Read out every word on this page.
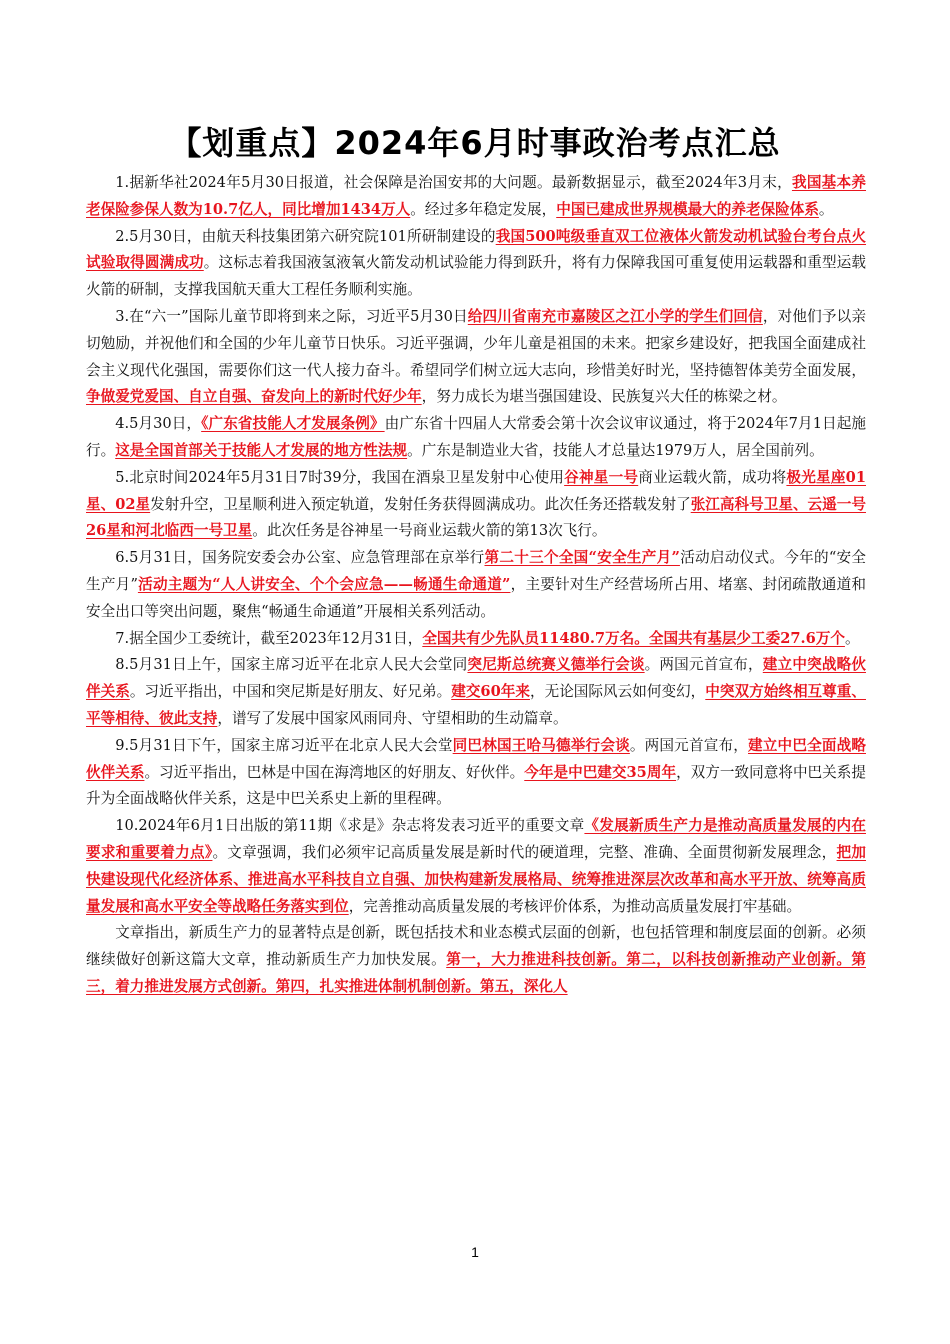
【划重点】2024年6月时事政治考点汇总

1.据新华社2024年5月30日报道，社会保障是治国安邦的大问题。最新数据显示，截至2024年3月末，我国基本养老保险参保人数为10.7亿人，同比增加1434万人。经过多年稳定发展，中国已建成世界规模最大的养老保险体系。

2.5月30日，由航天科技集团第六研究院101所研制建设的我国500吨级垂直双工位液体火箭发动机试验台考台点火试验取得圆满成功。这标志着我国液氢液氧火箭发动机试验能力得到跃升，将有力保障我国可重复使用运载器和重型运载火箭的研制，支撑我国航天重大工程任务顺利实施。

3.在“六一”国际儿童节即将到来之际，习近平5月30日给四川省南充市嘉陵区之江小学的学生们回信，对他们予以亲切勉励，并祝他们和全国的少年儿童节日快乐。习近平强调，少年儿童是祖国的未来。把家乡建设好，把我国全面建成社会主义现代化强国，需要你们这一代人接力奋斗。希望同学们树立远大志向，珍惜美好时光，坚持德智体美劳全面发展，争做爱党爱国、自立自强、奋发向上的新时代好少年，努力成长为堪当强国建设、民族复兴大任的栋梁之材。

4.5月30日，《广东省技能人才发展条例》由广东省十四届人大常委会第十次会议审议通过，将于2024年7月1日起施行。这是全国首部关于技能人才发展的地方性法规。广东是制造业大省，技能人才总量达1979万人，居全国前列。

5.北京时间2024年5月31日7时39分，我国在酒泉卫星发射中心使用谷神星一号商业运载火箭，成功将极光星座01星、02星发射升空，卫星顺利进入预定轨道，发射任务获得圆满成功。此次任务还搭载发射了张江高科号卫星、云遥一号26星和河北临西一号卫星。此次任务是谷神星一号商业运载火箭的第13次飞行。

6.5月31日，国务院安委会办公室、应急管理部在京举行第二十三个全国“安全生产月”活动启动仪式。今年的“安全生产月”活动主题为“人人讲安全、个个会应急——畅通生命通道”，主要针对生产经营场所占用、堵塞、封闭疏散通道和安全出口等突出问题，聚焦“畅通生命通道”开展相关系列活动。

7.据全国少工委统计，截至2023年12月31日，全国共有少先队员11480.7万名。全国共有基层少工委27.6万个。

8.5月31日上午，国家主席习近平在北京人民大会堂同突尼斯总统赛义德举行会谈。两国元首宣布，建立中突战略伙伴关系。习近平指出，中国和突尼斯是好朋友、好兄弟。建交60年来，无论国际风云如何变幻，中突双方始终相互尊重、平等相待、彼此支持，谱写了发展中国家风雨同舟、守望相助的生动篇章。

9.5月31日下午，国家主席习近平在北京人民大会堂同巴林国王哈马德举行会谈。两国元首宣布，建立中巴全面战略伙伴关系。习近平指出，巴林是中国在海湾地区的好朋友、好伙伴。今年是中巴建交35周年，双方一致同意将中巴关系提升为全面战略伙伴关系，这是中巴关系史上新的里程碑。

10.2024年6月1日出版的第11期《求是》杂志将发表习近平的重要文章《发展新质生产力是推动高质量发展的内在要求和重要着力点》。文章强调，我们必须牢记高质量发展是新时代的硬道理，完整、准确、全面贯彻新发展理念，把加快建设现代化经济体系、推进高水平科技自立自强、加快构建新发展格局、统筹推进深层次改革和高水平开放、统筹高质量发展和高水平安全等战略任务落实到位，完善推动高质量发展的考核评价体系，为推动高质量发展打牢基础。

文章指出，新质生产力的显著特点是创新，既包括技术和业态模式层面的创新，也包括管理和制度层面的创新。必须继续做好创新这篇大文章，推动新质生产力加快发展。第一，大力推进科技创新。第二，以科技创新推动产业创新。第三，着力推进发展方式创新。第四，扎实推进体制机制创新。第五，深化人

1
